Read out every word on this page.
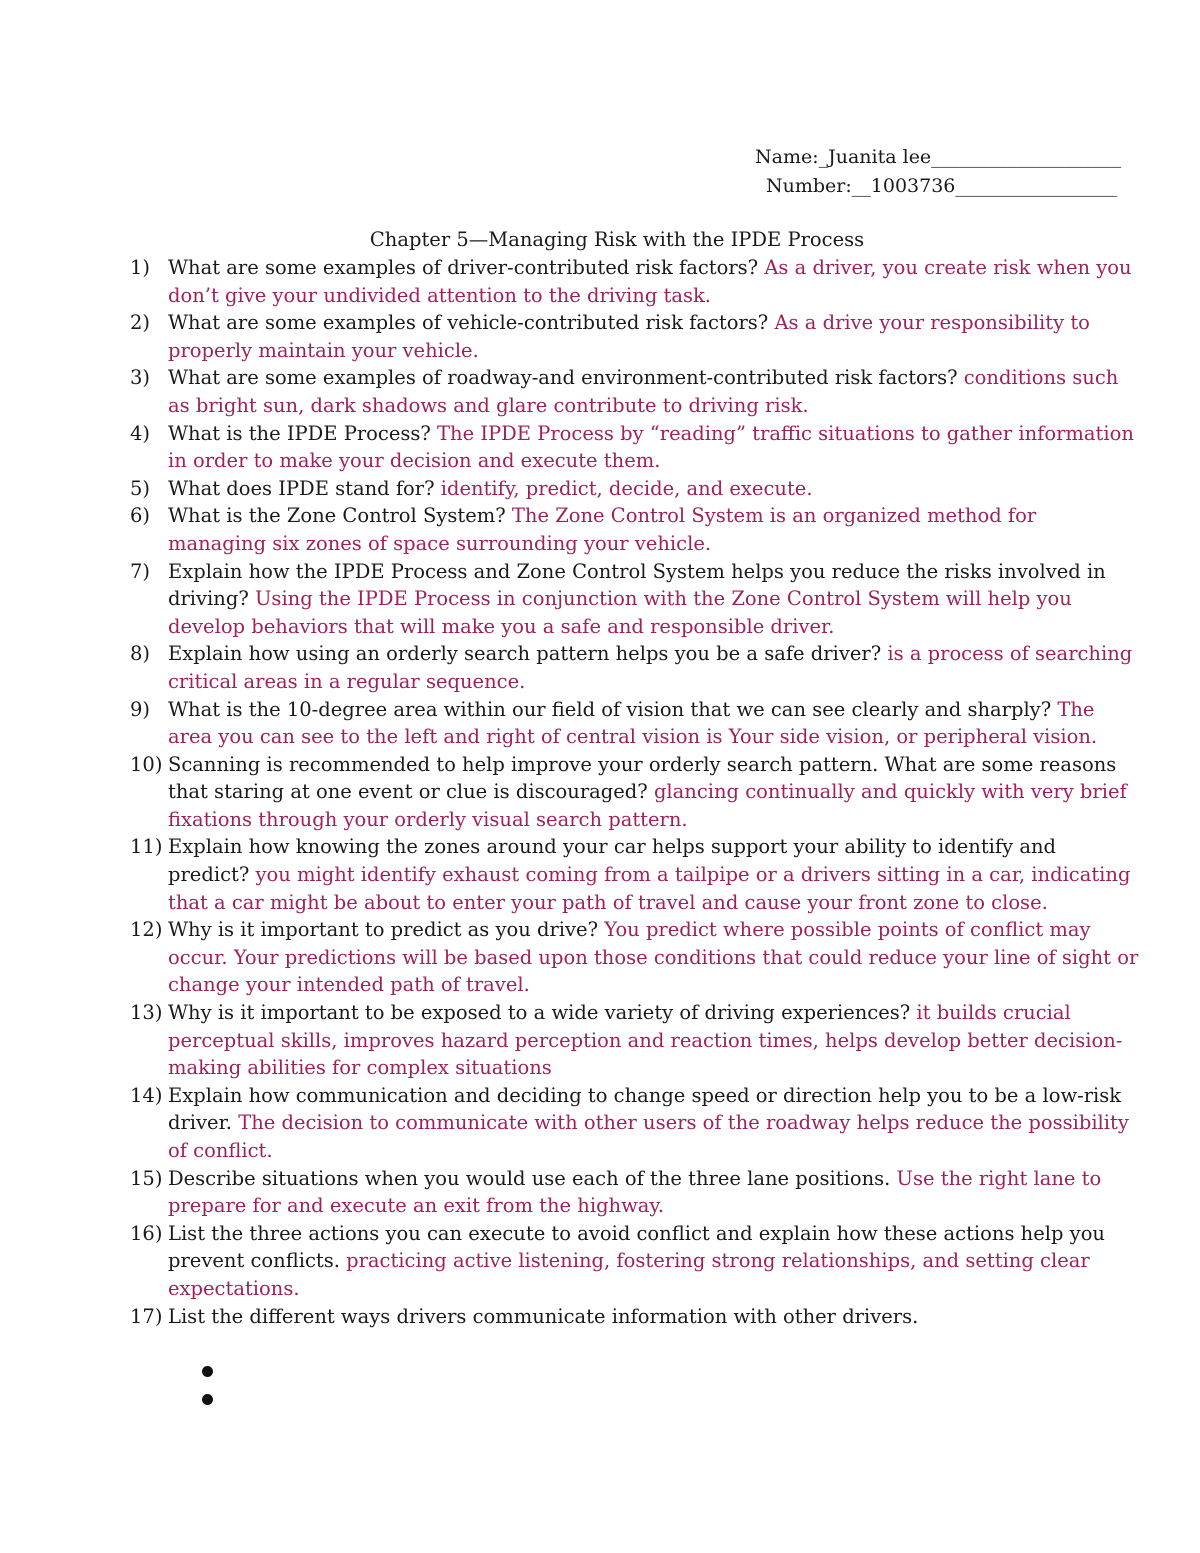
Name:_Juanita lee____________________
Number:__1003736_________________
Chapter 5—Managing Risk with the IPDE Process
1) What are some examples of driver-contributed risk factors? As a driver, you create risk when you don’t give your undivided attention to the driving task.
2) What are some examples of vehicle-contributed risk factors? As a drive your responsibility to properly maintain your vehicle.
3) What are some examples of roadway-and environment-contributed risk factors? conditions such as bright sun, dark shadows and glare contribute to driving risk.
4) What is the IPDE Process? The IPDE Process by “reading” traffic situations to gather information in order to make your decision and execute them.
5) What does IPDE stand for? identify, predict, decide, and execute.
6) What is the Zone Control System? The Zone Control System is an organized method for managing six zones of space surrounding your vehicle.
7) Explain how the IPDE Process and Zone Control System helps you reduce the risks involved in driving? Using the IPDE Process in conjunction with the Zone Control System will help you develop behaviors that will make you a safe and responsible driver.
8) Explain how using an orderly search pattern helps you be a safe driver? is a process of searching critical areas in a regular sequence.
9) What is the 10-degree area within our field of vision that we can see clearly and sharply? The area you can see to the left and right of central vision is Your side vision, or peripheral vision.
10) Scanning is recommended to help improve your orderly search pattern. What are some reasons that staring at one event or clue is discouraged? glancing continually and quickly with very brief fixations through your orderly visual search pattern.
11) Explain how knowing the zones around your car helps support your ability to identify and predict? you might identify exhaust coming from a tailpipe or a drivers sitting in a car, indicating that a car might be about to enter your path of travel and cause your front zone to close.
12) Why is it important to predict as you drive? You predict where possible points of conflict may occur. Your predictions will be based upon those conditions that could reduce your line of sight or change your intended path of travel.
13) Why is it important to be exposed to a wide variety of driving experiences? it builds crucial perceptual skills, improves hazard perception and reaction times, helps develop better decision-making abilities for complex situations
14) Explain how communication and deciding to change speed or direction help you to be a low-risk driver. The decision to communicate with other users of the roadway helps reduce the possibility of conflict.
15) Describe situations when you would use each of the three lane positions. Use the right lane to prepare for and execute an exit from the highway.
16) List the three actions you can execute to avoid conflict and explain how these actions help you prevent conflicts. practicing active listening, fostering strong relationships, and setting clear expectations.
17) List the different ways drivers communicate information with other drivers.
